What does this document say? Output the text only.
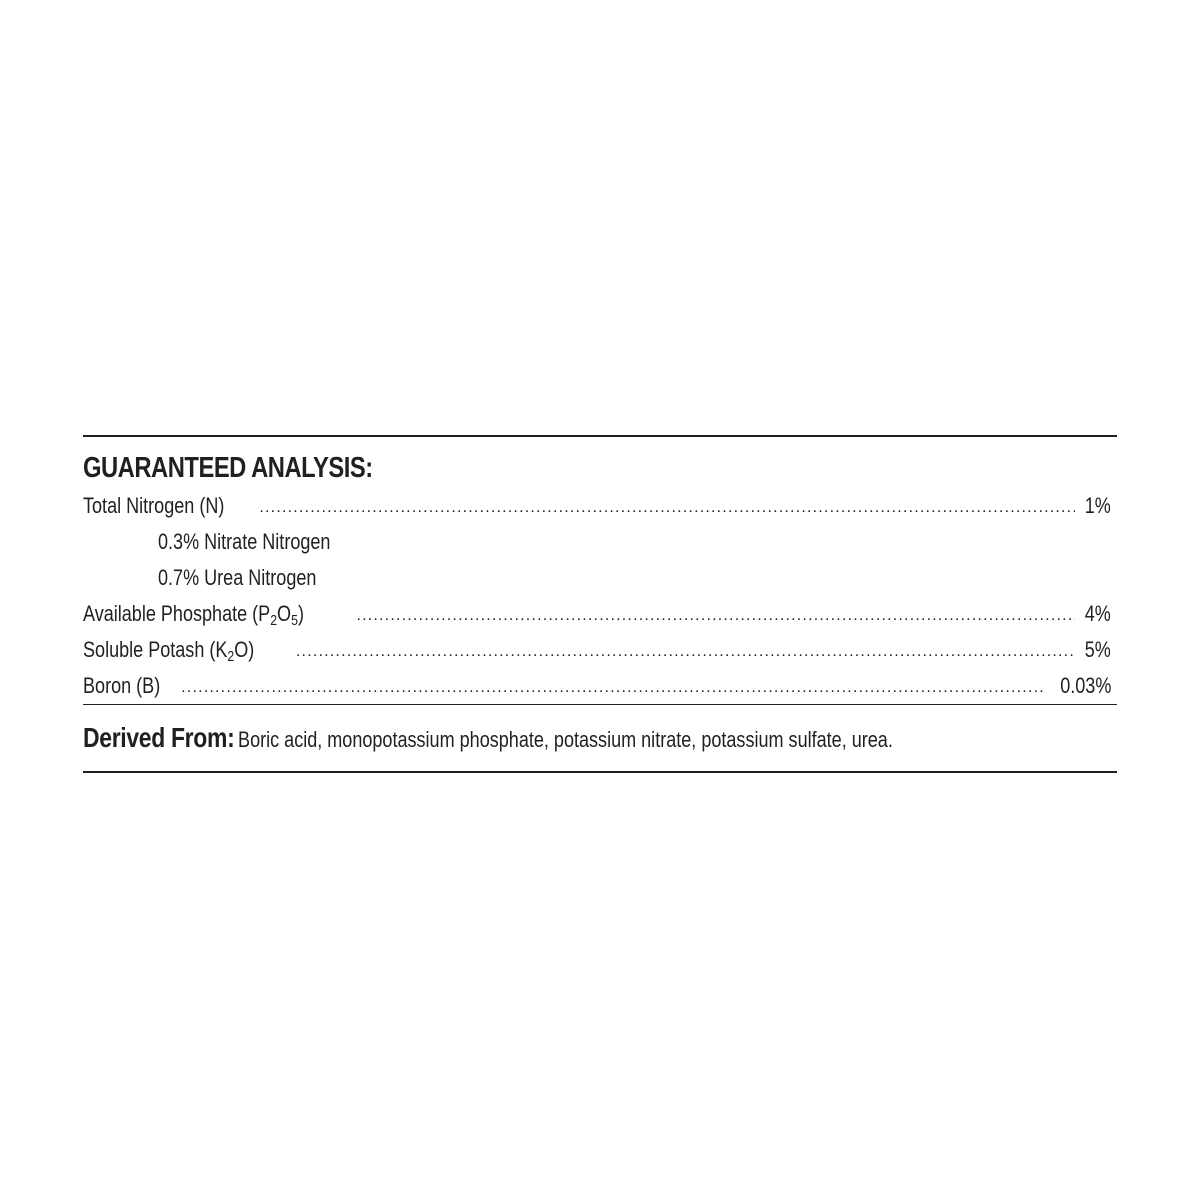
GUARANTEED ANALYSIS:
Total Nitrogen (N) .....	1%
0.3% Nitrate Nitrogen
0.7% Urea Nitrogen
Available Phosphate $(P_2O_5)$ .....	4%
Soluble Potash $(K_2O)$ .....	5%
Boron (B) .....	0.03%
Derived From: Boric acid, monopotassium phosphate, potassium nitrate, potassium sulfate, urea.
